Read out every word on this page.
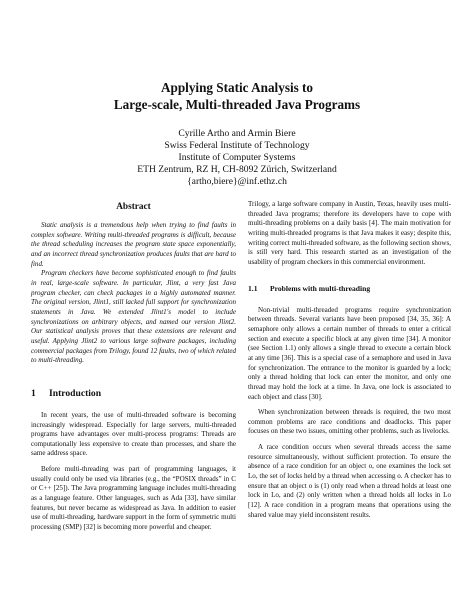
Applying Static Analysis to
Large-scale, Multi-threaded Java Programs
Cyrille Artho and Armin Biere
Swiss Federal Institute of Technology
Institute of Computer Systems
ETH Zentrum, RZ H, CH-8092 Zürich, Switzerland
{artho,biere}@inf.ethz.ch
Abstract

Static analysis is a tremendous help when trying to find faults in complex software. Writing multi-threaded programs is difficult, because the thread scheduling increases the program state space exponentially, and an incorrect thread synchronization produces faults that are hard to find.

Program checkers have become sophisticated enough to find faults in real, large-scale software. In particular, Jlint, a very fast Java program checker, can check packages in a highly automated manner. The original version, Jlint1, still lacked full support for synchronization statements in Java. We extended Jlint1's model to include synchronizations on arbitrary objects, and named our version Jlint2. Our statistical analysis proves that these extensions are relevant and useful. Applying Jlint2 to various large software packages, including commercial packages from Trilogy, found 12 faults, two of which related to multi-threading.

1 Introduction

In recent years, the use of multi-threaded software is becoming increasingly widespread. Especially for large servers, multi-threaded programs have advantages over multi-process programs: Threads are computationally less expensive to create than processes, and share the same address space.

Before multi-threading was part of programming languages, it usually could only be used via libraries (e.g., the “POSIX threads” in C or C++ [25]). The Java programming language includes multi-threading as a language feature. Other languages, such as Ada [33], have similar features, but never became as widespread as Java. In addition to easier use of multi-threading, hardware support in the form of symmetric multi processing (SMP) [32] is becoming more powerful and cheaper.

Trilogy, a large software company in Austin, Texas, heavily uses multi-threaded Java programs; therefore its developers have to cope with multi-threading problems on a daily basis [4]. The main motivation for writing multi-threaded programs is that Java makes it easy; despite this, writing correct multi-threaded software, as the following section shows, is still very hard. This research started as an investigation of the usability of program checkers in this commercial environment.

1.1 Problems with multi-threading

Non-trivial multi-threaded programs require synchronization between threads. Several variants have been proposed [34, 35, 36]: A semaphore only allows a certain number of threads to enter a critical section and execute a specific block at any given time [34]. A monitor (see Section 1.1) only allows a single thread to execute a certain block at any time [36]. This is a special case of a semaphore and used in Java for synchronization. The entrance to the monitor is guarded by a lock; only a thread holding that lock can enter the monitor, and only one thread may hold the lock at a time. In Java, one lock is associated to each object and class [30].

When synchronization between threads is required, the two most common problems are race conditions and deadlocks. This paper focuses on these two issues, omitting other problems, such as livelocks.

A race condition occurs when several threads access the same resource simultaneously, without sufficient protection. To ensure the absence of a race condition for an object o, one examines the lock set Lo, the set of locks held by a thread when accessing o. A checker has to ensure that an object o is (1) only read when a thread holds at least one lock in Lo, and (2) only written when a thread holds all locks in Lo [12]. A race condition in a program means that operations using the shared value may yield inconsistent results.
